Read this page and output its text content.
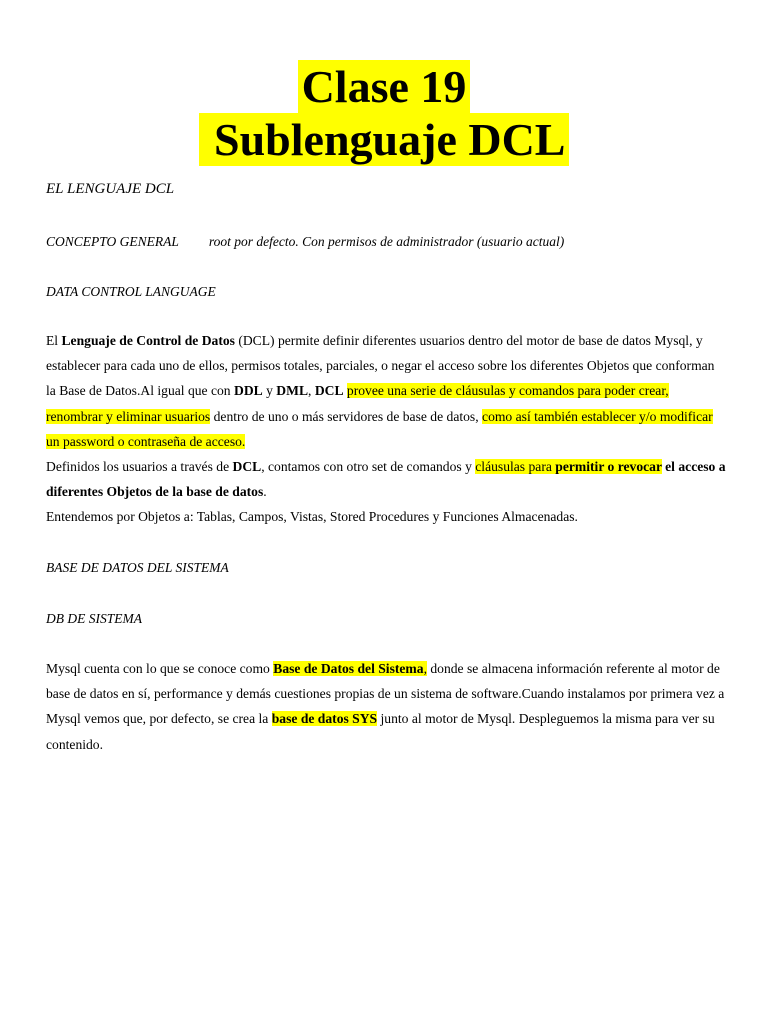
Clase 19
Sublenguaje DCL
EL LENGUAJE DCL
CONCEPTO GENERAL root por defecto. Con permisos de administrador (usuario actual)
DATA CONTROL LANGUAGE
El Lenguaje de Control de Datos (DCL) permite definir diferentes usuarios dentro del motor de base de datos Mysql, y establecer para cada uno de ellos, permisos totales, parciales, o negar el acceso sobre los diferentes Objetos que conforman la Base de Datos.Al igual que con DDL y DML, DCL provee una serie de cláusulas y comandos para poder crear, renombrar y eliminar usuarios dentro de uno o más servidores de base de datos, como así también establecer y/o modificar un password o contraseña de acceso.
Definidos los usuarios a través de DCL, contamos con otro set de comandos y cláusulas para permitir o revocar el acceso a diferentes Objetos de la base de datos.
Entendemos por Objetos a: Tablas, Campos, Vistas, Stored Procedures y Funciones Almacenadas.
BASE DE DATOS DEL SISTEMA
DB DE SISTEMA
Mysql cuenta con lo que se conoce como Base de Datos del Sistema, donde se almacena información referente al motor de base de datos en sí, performance y demás cuestiones propias de un sistema de software.Cuando instalamos por primera vez a Mysql vemos que, por defecto, se crea la base de datos SYS junto al motor de Mysql. Despleguemos la misma para ver su contenido.
